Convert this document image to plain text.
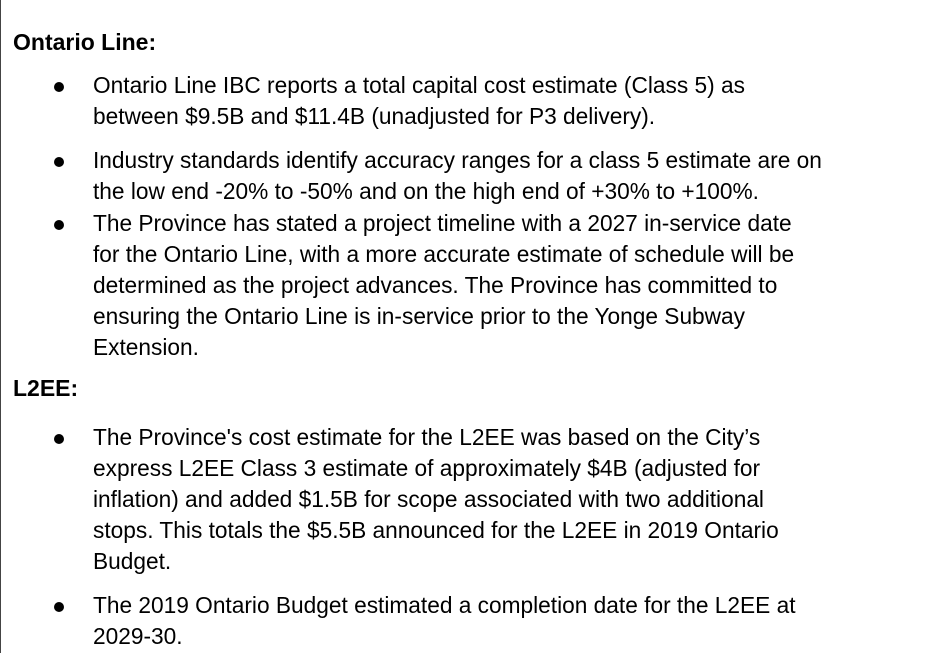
Ontario Line:
Ontario Line IBC reports a total capital cost estimate (Class 5) as
between $9.5B and $11.4B (unadjusted for P3 delivery).
Industry standards identify accuracy ranges for a class 5 estimate are on
the low end -20% to -50% and on the high end of +30% to +100%.
The Province has stated a project timeline with a 2027 in-service date
for the Ontario Line, with a more accurate estimate of schedule will be
determined as the project advances. The Province has committed to
ensuring the Ontario Line is in-service prior to the Yonge Subway
Extension.
L2EE:
The Province's cost estimate for the L2EE was based on the City’s
express L2EE Class 3 estimate of approximately $4B (adjusted for
inflation) and added $1.5B for scope associated with two additional
stops. This totals the $5.5B announced for the L2EE in 2019 Ontario
Budget.
The 2019 Ontario Budget estimated a completion date for the L2EE at
2029-30.
